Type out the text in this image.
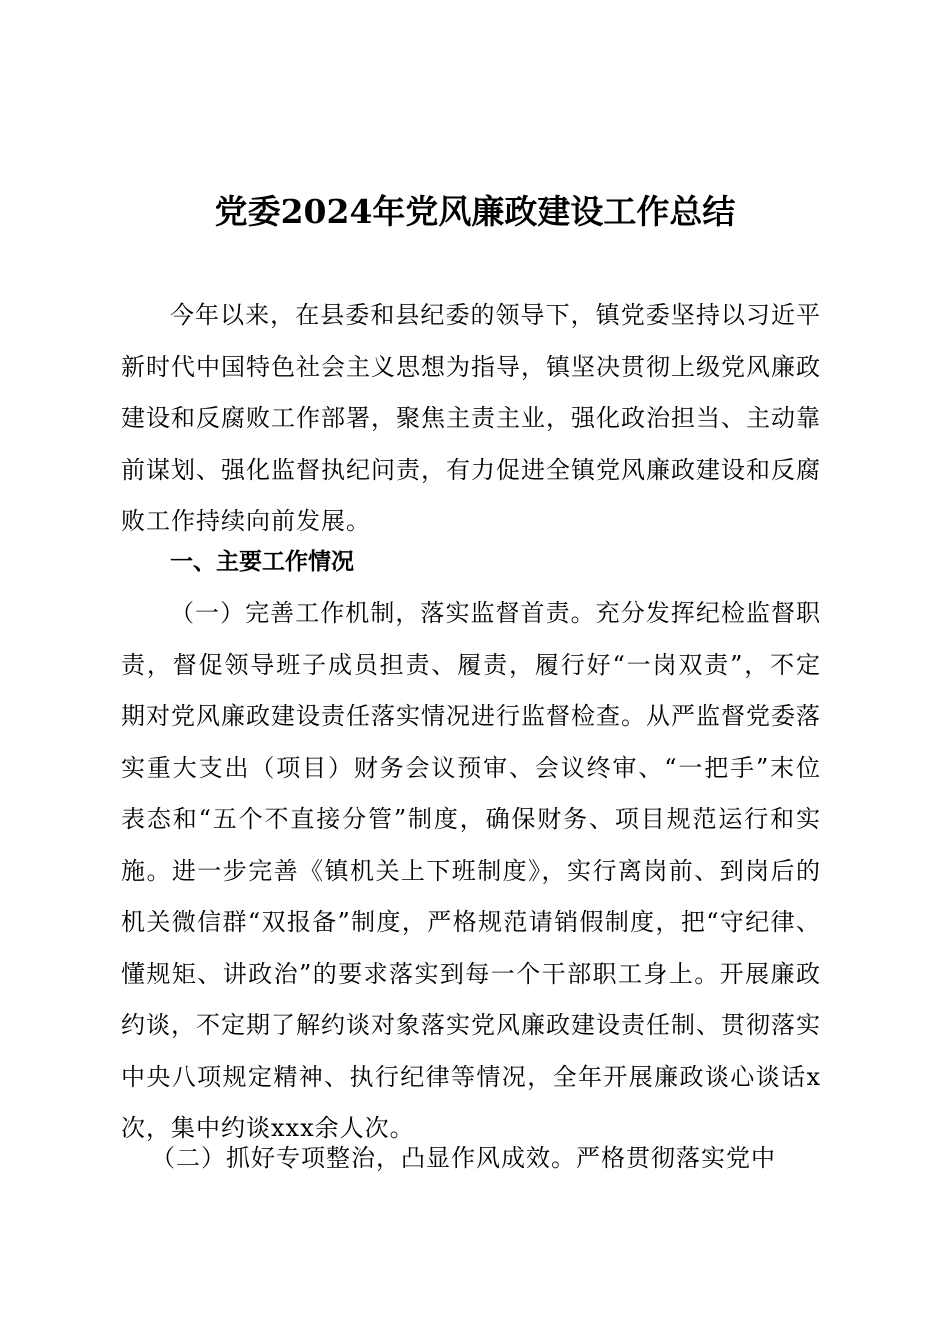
党委2024年党风廉政建设工作总结
今年以来，在县委和县纪委的领导下，镇党委坚持以习近平新时代中国特色社会主义思想为指导，镇坚决贯彻上级党风廉政建设和反腐败工作部署，聚焦主责主业，强化政治担当、主动靠前谋划、强化监督执纪问责，有力促进全镇党风廉政建设和反腐败工作持续向前发展。
一、主要工作情况
（一）完善工作机制，落实监督首责。充分发挥纪检监督职责，督促领导班子成员担责、履责，履行好“一岗双责”，不定期对党风廉政建设责任落实情况进行监督检查。从严监督党委落实重大支出（项目）财务会议预审、会议终审、“一把手”末位表态和“五个不直接分管”制度，确保财务、项目规范运行和实施。进一步完善《镇机关上下班制度》，实行离岗前、到岗后的机关微信群“双报备”制度，严格规范请销假制度，把“守纪律、懂规矩、讲政治”的要求落实到每一个干部职工身上。开展廉政约谈，不定期了解约谈对象落实党风廉政建设责任制、贯彻落实中央八项规定精神、执行纪律等情况，全年开展廉政谈心谈话x次，集中约谈xxx余人次。
（二）抓好专项整治，凸显作风成效。严格贯彻落实党中
